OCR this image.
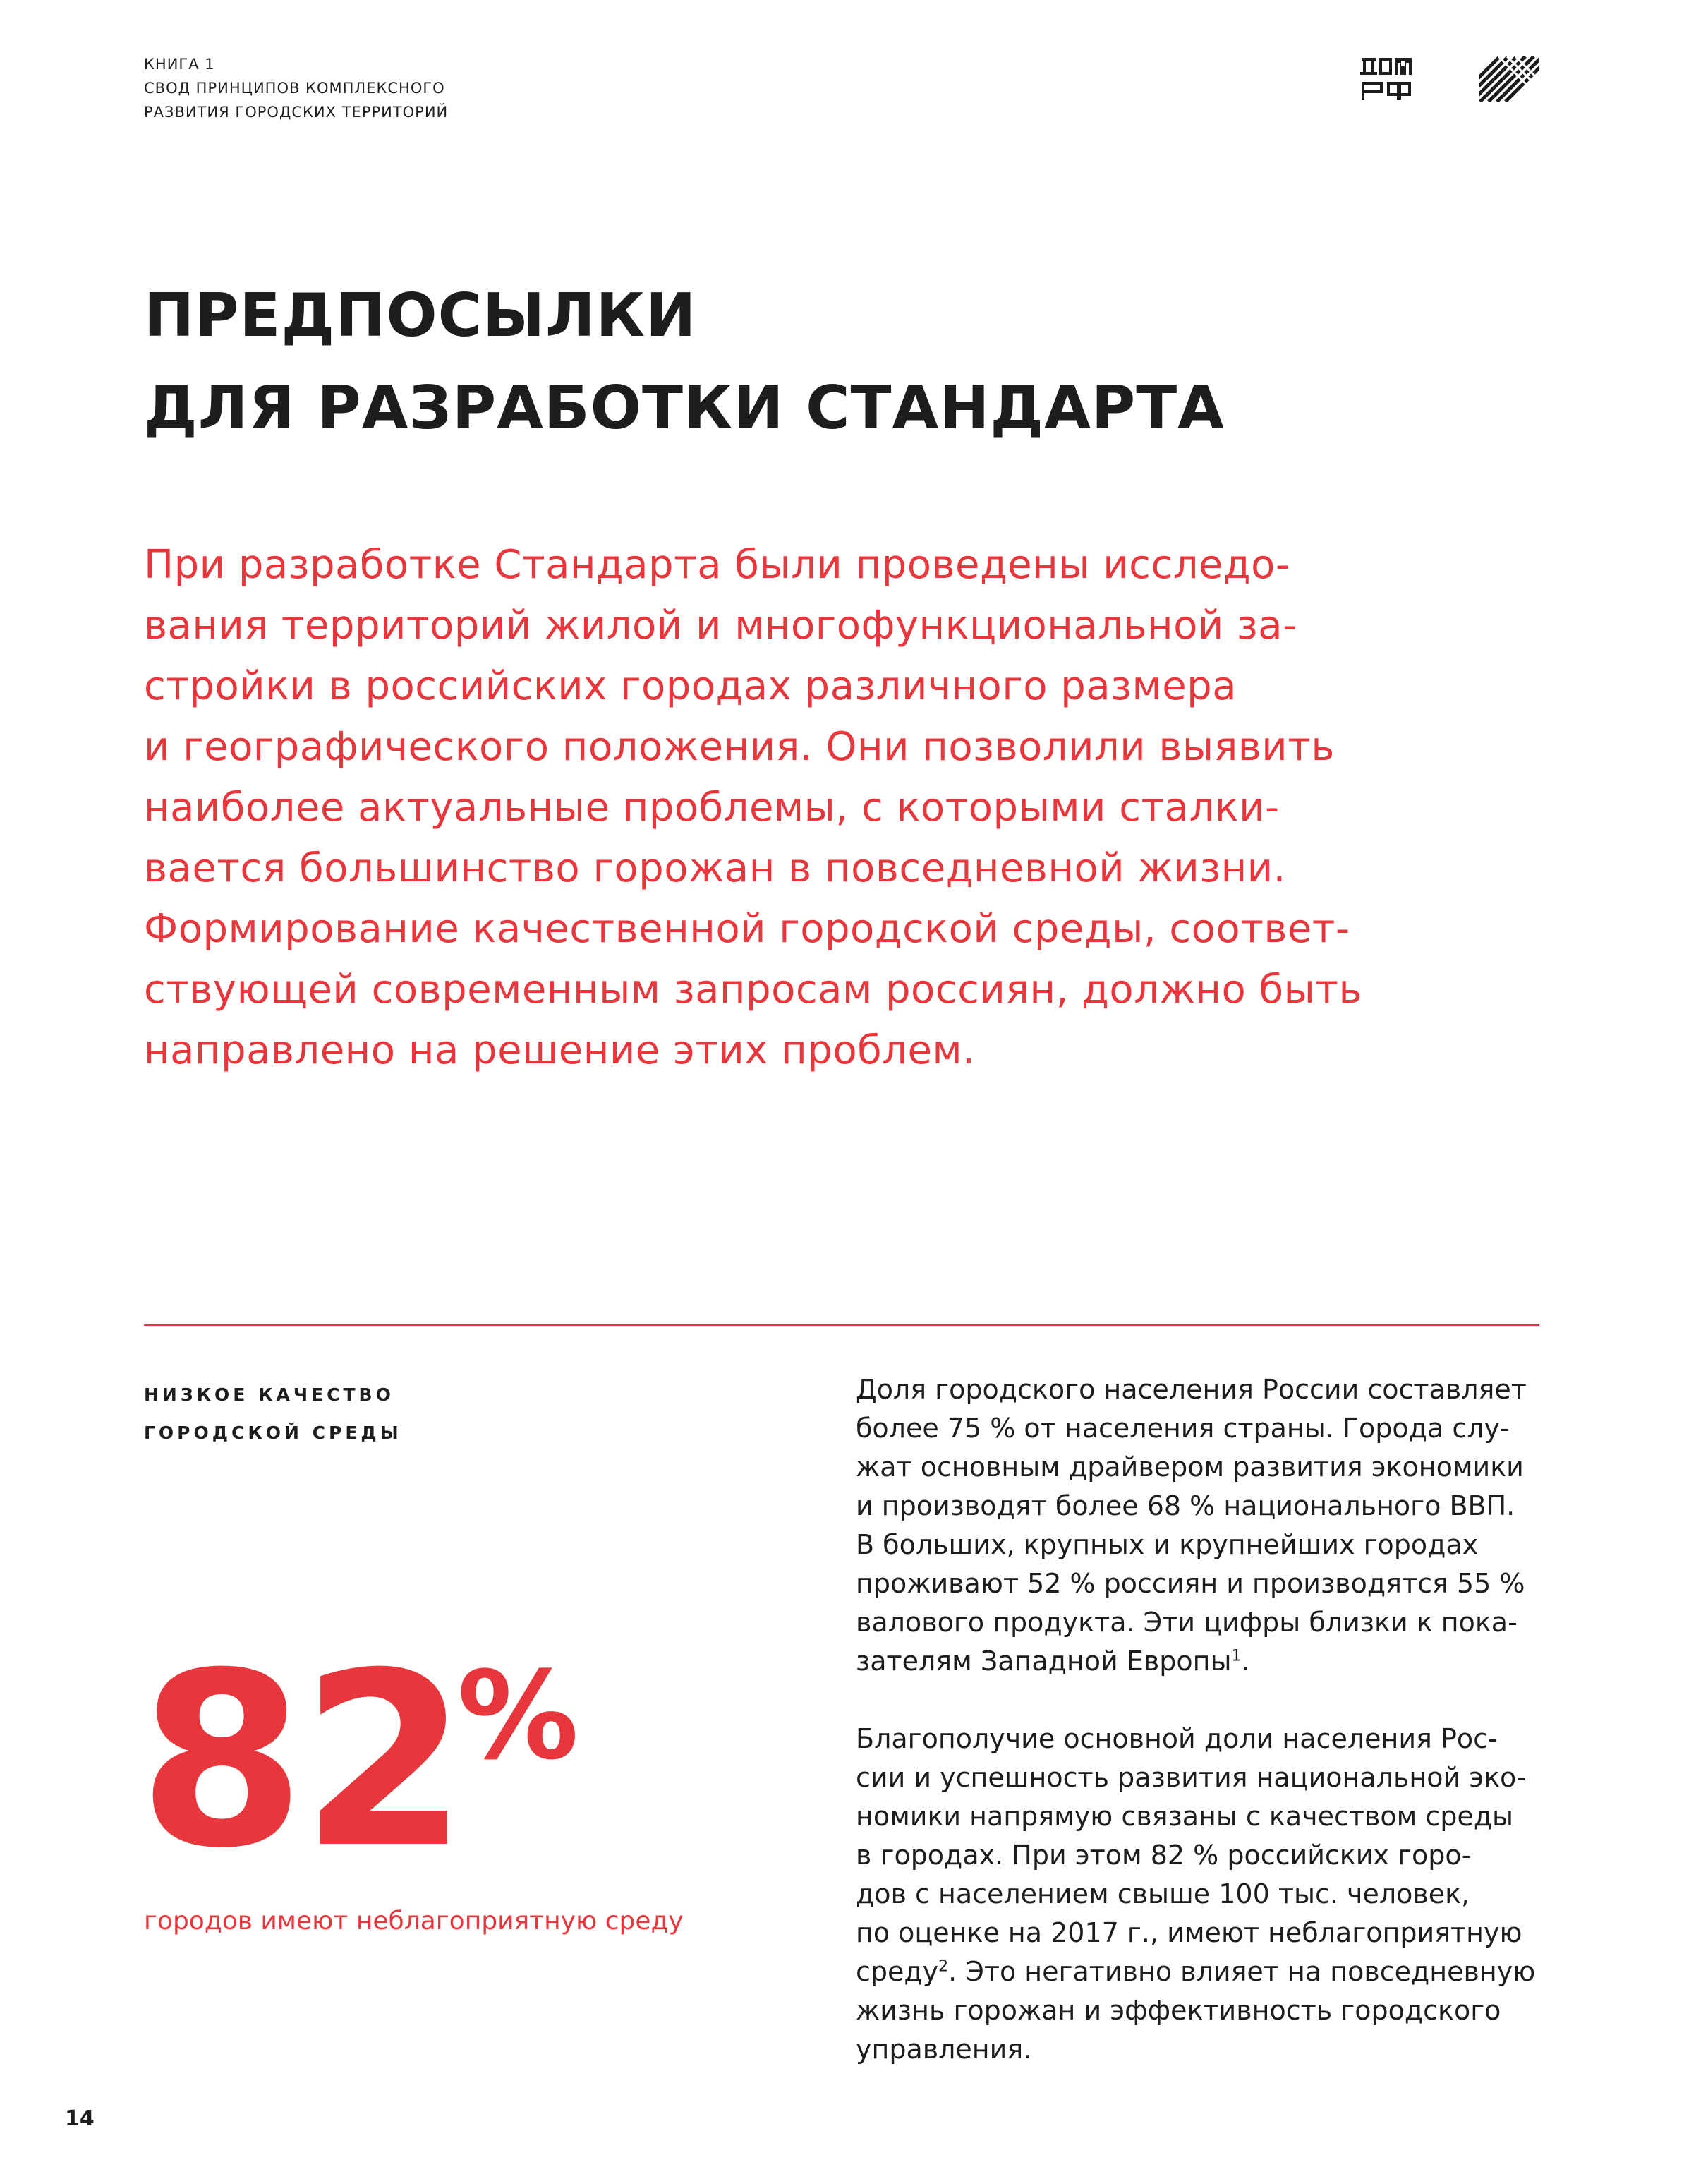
КНИГА 1
СВОД ПРИНЦИПОВ КОМПЛЕКСНОГО
РАЗВИТИЯ ГОРОДСКИХ ТЕРРИТОРИЙ
ПРЕДПОСЫЛКИ
ДЛЯ РАЗРАБОТКИ СТАНДАРТА
При разработке Стандарта были проведены исследо-
вания территорий жилой и многофункциональной за-
стройки в российских городах различного размера
и географического положения. Они позволили выявить
наиболее актуальные проблемы, с которыми сталки-
вается большинство горожан в повседневной жизни.
Формирование качественной городской среды, соответ-
ствующей современным запросам россиян, должно быть
направлено на решение этих проблем.
НИЗКОЕ КАЧЕСТВО
ГОРОДСКОЙ СРЕДЫ
82
%
городов имеют неблагоприятную среду
Доля городского населения России составляет
более 75 % от населения страны. Города слу-
жат основным драйвером развития экономики
и производят более 68 % национального ВВП.
В больших, крупных и крупнейших городах
проживают 52 % россиян и производятся 55 %
валового продукта. Эти цифры близки к пока-
зателям Западной Европы$^1$.
Благополучие основной доли населения Рос-
сии и успешность развития национальной эко-
номики напрямую связаны с качеством среды
в городах. При этом 82 % российских горо-
дов с населением свыше 100 тыс. человек,
по оценке на 2017 г., имеют неблагоприятную
среду$^2$. Это негативно влияет на повседневную
жизнь горожан и эффективность городского
управления.
14
